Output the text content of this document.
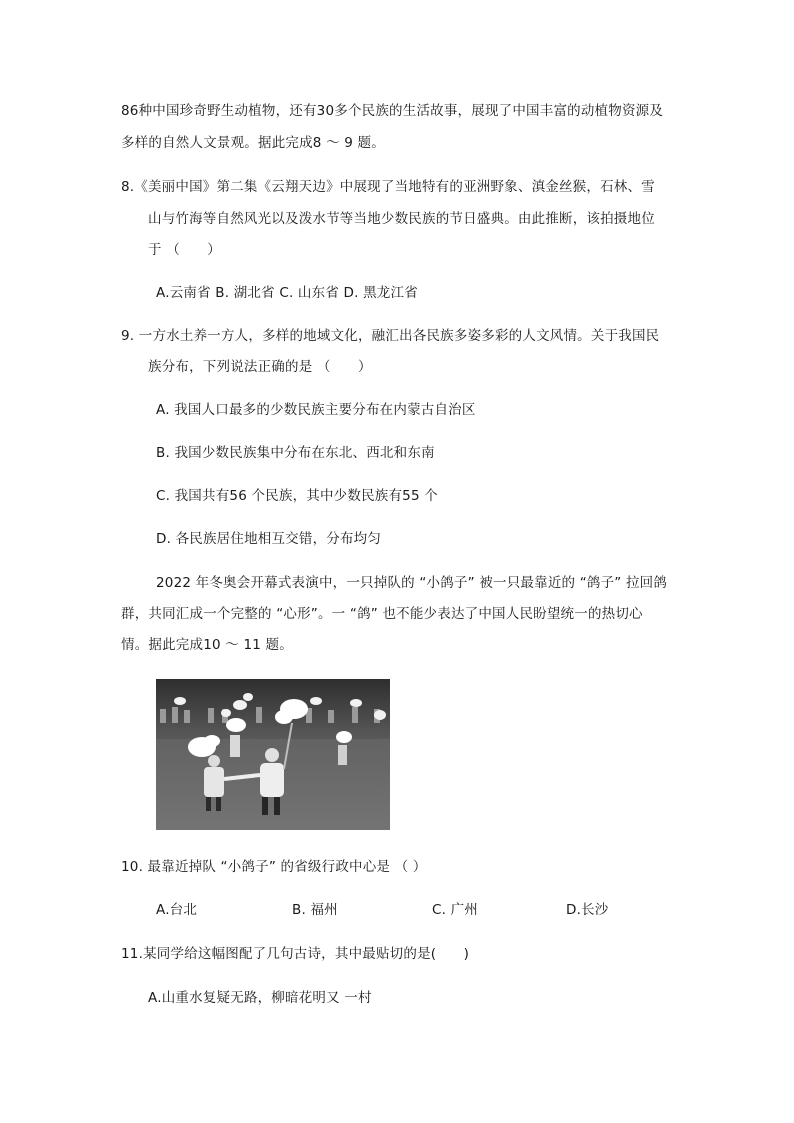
86种中国珍奇野生动植物，还有30多个民族的生活故事，展现了中国丰富的动植物资源及
多样的自然人文景观。据此完成8 ～ 9 题。
8.《美丽中国》第二集《云翔天边》中展现了当地特有的亚洲野象、滇金丝猴，石林、雪
山与竹海等自然风光以及泼水节等当地少数民族的节日盛典。由此推断，该拍摄地位
于 （　　）
A.云南省 B. 湖北省 C. 山东省 D. 黑龙江省
9. 一方水土养一方人，多样的地域文化，融汇出各民族多姿多彩的人文风情。关于我国民
族分布，下列说法正确的是 （　　）
A. 我国人口最多的少数民族主要分布在内蒙古自治区
B. 我国少数民族集中分布在东北、西北和东南
C. 我国共有56 个民族，其中少数民族有55 个
D. 各民族居住地相互交错，分布均匀
2022 年冬奥会开幕式表演中，一只掉队的 “小鸽子” 被一只最靠近的 “鸽子” 拉回鸽
群，共同汇成一个完整的 “心形”。一 “鸽” 也不能少表达了中国人民盼望统一的热切心
情。据此完成10 ～ 11 题。
10. 最靠近掉队 “小鸽子” 的省级行政中心是 （ ）
A.台北	B. 福州	C. 广州	D.长沙
11.某同学给这幅图配了几句古诗，其中最贴切的是(　　)
A.山重水复疑无路，柳暗花明又 一村
